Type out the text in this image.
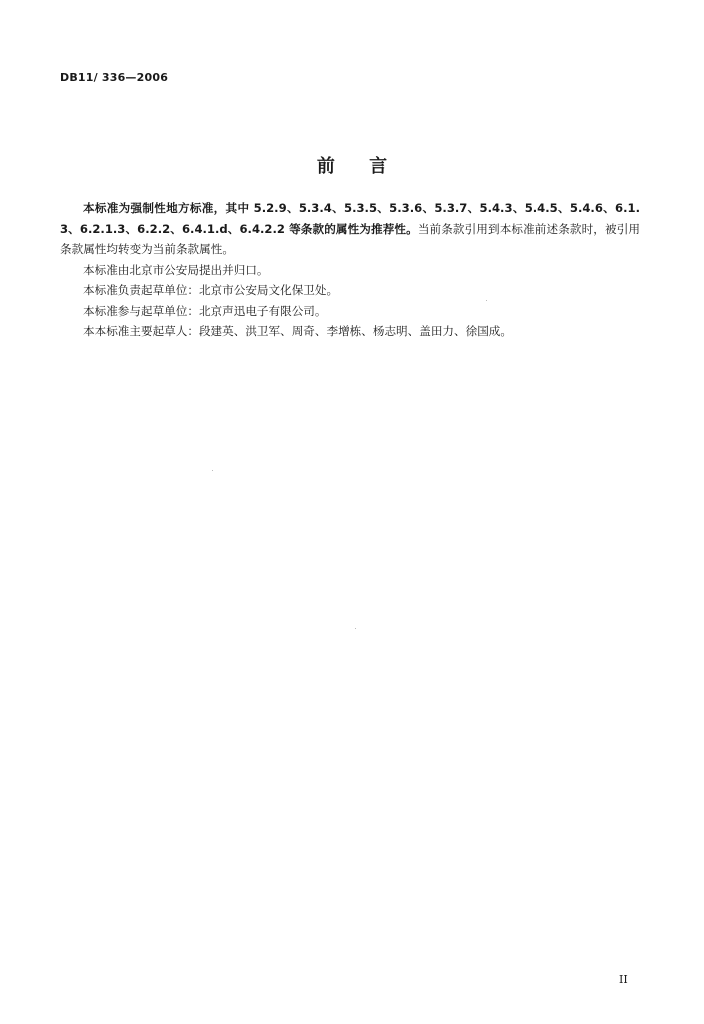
DB11/ 336—2006
前 言

本标准为强制性地方标准，其中 5.2.9、5.3.4、5.3.5、5.3.6、5.3.7、5.4.3、5.4.5、5.4.6、6.1.3、6.2.1.3、6.2.2、6.4.1.d、6.4.2.2 等条款的属性为推荐性。当前条款引用到本标准前述条款时，被引用条款属性均转变为当前条款属性。

本标准由北京市公安局提出并归口。

本标准负责起草单位：北京市公安局文化保卫处。

本标准参与起草单位：北京声迅电子有限公司。

本本标准主要起草人：段建英、洪卫军、周奇、李增栋、杨志明、盖田力、徐国成。

II
